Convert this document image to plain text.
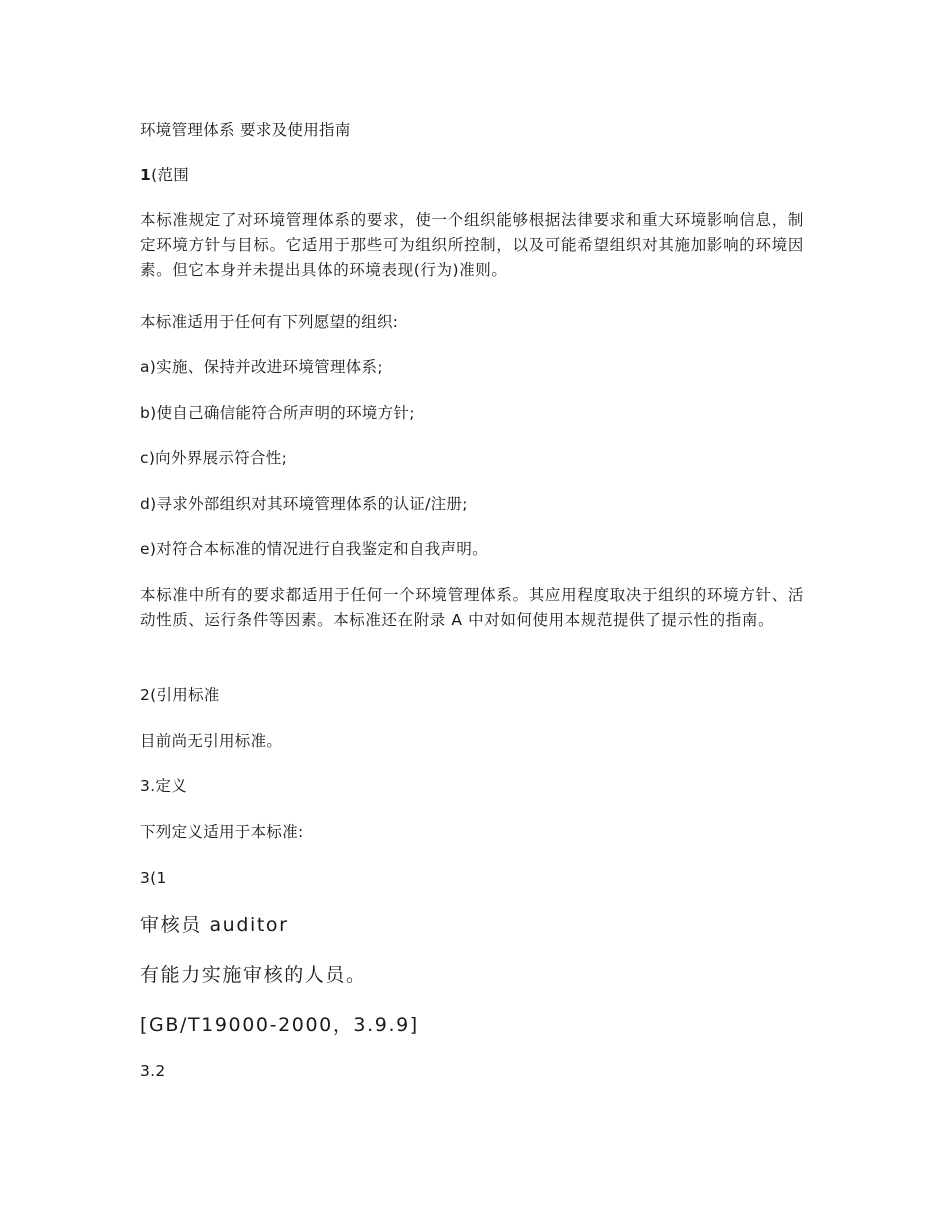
环境管理体系 要求及使用指南
1(范围
本标准规定了对环境管理体系的要求，使一个组织能够根据法律要求和重大环境影响信息，制定环境方针与目标。它适用于那些可为组织所控制，以及可能希望组织对其施加影响的环境因素。但它本身并未提出具体的环境表现(行为)准则。
本标准适用于任何有下列愿望的组织:
a)实施、保持并改进环境管理体系;
b)使自己确信能符合所声明的环境方针;
c)向外界展示符合性;
d)寻求外部组织对其环境管理体系的认证/注册;
e)对符合本标准的情况进行自我鉴定和自我声明。
本标准中所有的要求都适用于任何一个环境管理体系。其应用程度取决于组织的环境方针、活动性质、运行条件等因素。本标准还在附录 A 中对如何使用本规范提供了提示性的指南。
2(引用标准
目前尚无引用标准。
3.定义
下列定义适用于本标准:
3(1
审核员 auditor
有能力实施审核的人员。
[GB/T19000-2000，3.9.9]
3.2
